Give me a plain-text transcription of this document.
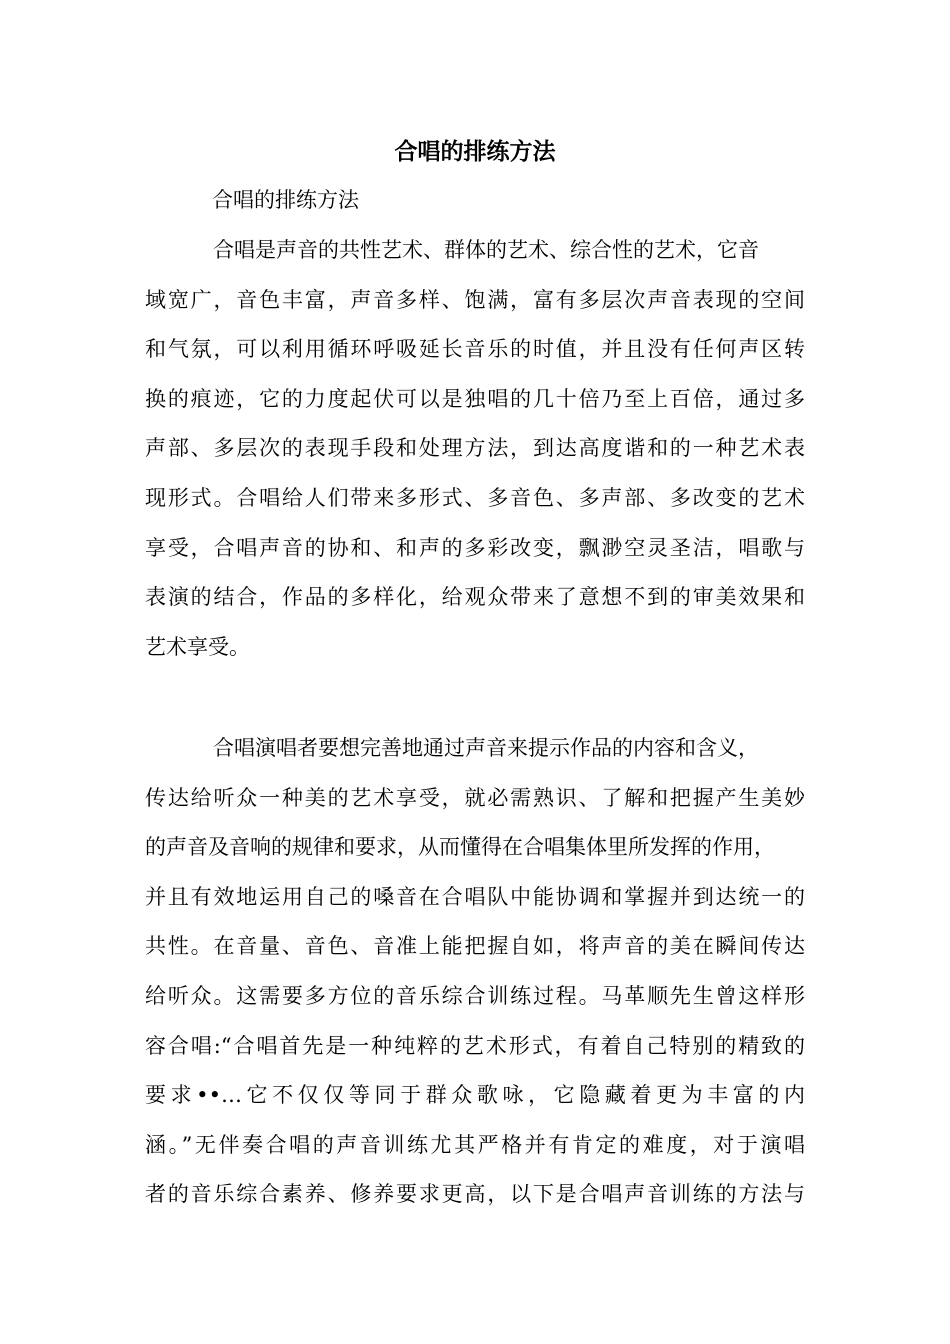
合唱的排练方法
合唱的排练方法
合唱是声音的共性艺术、群体的艺术、综合性的艺术，它音
域宽广，音色丰富，声音多样、饱满，富有多层次声音表现的空间
和气氛，可以利用循环呼吸延长音乐的时值，并且没有任何声区转
换的痕迹，它的力度起伏可以是独唱的几十倍乃至上百倍，通过多
声部、多层次的表现手段和处理方法，到达高度谐和的一种艺术表
现形式。合唱给人们带来多形式、多音色、多声部、多改变的艺术
享受，合唱声音的协和、和声的多彩改变，飘渺空灵圣洁，唱歌与
表演的结合，作品的多样化，给观众带来了意想不到的审美效果和
艺术享受。
合唱演唱者要想完善地通过声音来提示作品的内容和含义，
传达给听众一种美的艺术享受，就必需熟识、了解和把握产生美妙
的声音及音响的规律和要求，从而懂得在合唱集体里所发挥的作用，
并且有效地运用自己的嗓音在合唱队中能协调和掌握并到达统一的
共性。在音量、音色、音准上能把握自如，将声音的美在瞬间传达
给听众。这需要多方位的音乐综合训练过程。马革顺先生曾这样形
容合唱:“合唱首先是一种纯粹的艺术形式，有着自己特别的精致的
要求••…它不仅仅等同于群众歌咏，它隐藏着更为丰富的内
涵。”无伴奏合唱的声音训练尤其严格并有肯定的难度，对于演唱
者的音乐综合素养、修养要求更高，以下是合唱声音训练的方法与
